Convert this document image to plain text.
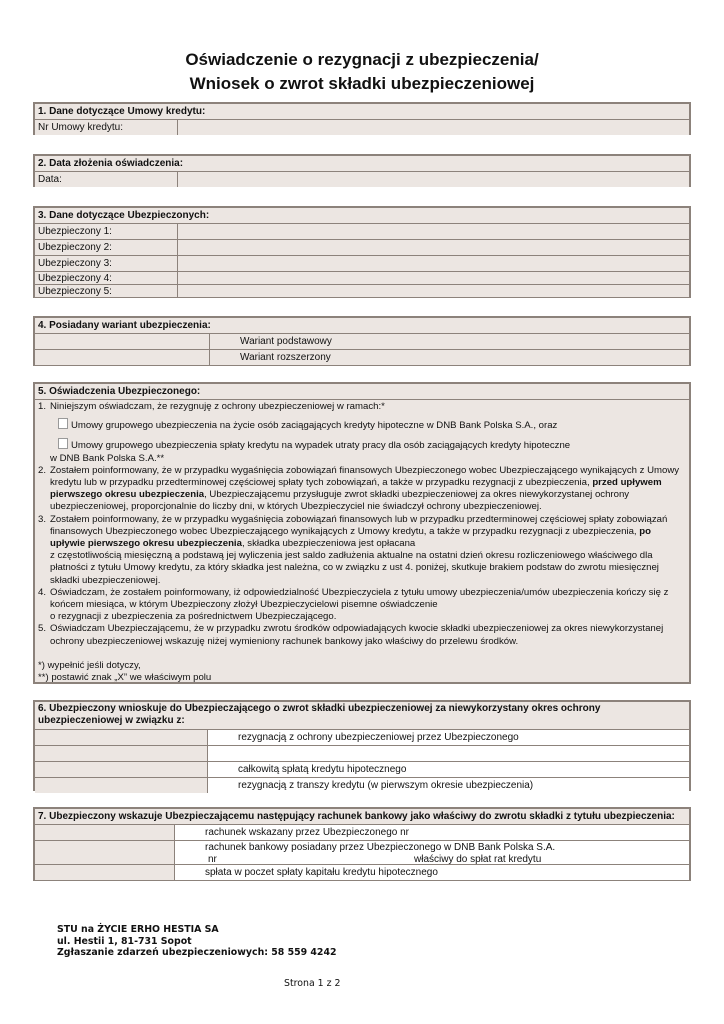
Oświadczenie o rezygnacji z ubezpieczenia/
Wniosek o zwrot składki ubezpieczeniowej
1. Dane dotyczące Umowy kredytu:
Nr Umowy kredytu:
2. Data złożenia oświadczenia:
Data:
3. Dane dotyczące Ubezpieczonych:
Ubezpieczony 1:
Ubezpieczony 2:
Ubezpieczony 3:
Ubezpieczony 4:
Ubezpieczony 5:
4. Posiadany wariant ubezpieczenia:
Wariant podstawowy
Wariant rozszerzony
5. Oświadczenia Ubezpieczonego:
1. Niniejszym oświadczam, że rezygnuję z ochrony ubezpieczeniowej w ramach:*
Umowy grupowego ubezpieczenia na życie osób zaciągających kredyty hipoteczne w DNB Bank Polska S.A., oraz
Umowy grupowego ubezpieczenia spłaty kredytu na wypadek utraty pracy dla osób zaciągających kredyty hipoteczne
w DNB Bank Polska S.A.**
2. Zostałem poinformowany, że w przypadku wygaśnięcia zobowiązań finansowych Ubezpieczonego wobec Ubezpieczającego wynikających z Umowy kredytu lub w przypadku przedterminowej częściowej spłaty tych zobowiązań, a także w przypadku rezygnacji z ubezpieczenia, przed upływem pierwszego okresu ubezpieczenia, Ubezpieczającemu przysługuje zwrot składki ubezpieczeniowej za okres niewykorzystanej ochrony ubezpieczeniowej, proporcjonalnie do liczby dni, w których Ubezpieczyciel nie świadczył ochrony ubezpieczeniowej.
3. Zostałem poinformowany, że w przypadku wygaśnięcia zobowiązań finansowych lub w przypadku przedterminowej częściowej spłaty zobowiązań finansowych Ubezpieczonego wobec Ubezpieczającego wynikających z Umowy kredytu, a także w przypadku rezygnacji z ubezpieczenia, po upływie pierwszego okresu ubezpieczenia, składka ubezpieczeniowa jest opłacana
z częstotliwością miesięczną a podstawą jej wyliczenia jest saldo zadłużenia aktualne na ostatni dzień okresu rozliczeniowego właściwego dla płatności z tytułu Umowy kredytu, za który składka jest należna, co w związku z ust 4. poniżej, skutkuje brakiem podstaw do zwrotu miesięcznej składki ubezpieczeniowej.
4. Oświadczam, że zostałem poinformowany, iż odpowiedzialność Ubezpieczyciela z tytułu umowy ubezpieczenia/umów ubezpieczenia kończy się z końcem miesiąca, w którym Ubezpieczony złożył Ubezpieczycielowi pisemne oświadczenie
o rezygnacji z ubezpieczenia za pośrednictwem Ubezpieczającego.
5. Oświadczam Ubezpieczającemu, że w przypadku zwrotu środków odpowiadających kwocie składki ubezpieczeniowej za okres niewykorzystanej ochrony ubezpieczeniowej wskazuję niżej wymieniony rachunek bankowy jako właściwy do przelewu środków.
*) wypełnić jeśli dotyczy,
**) postawić znak „X” we właściwym polu
6. Ubezpieczony wnioskuje do Ubezpieczającego o zwrot składki ubezpieczeniowej za niewykorzystany okres ochrony ubezpieczeniowej w związku z:
rezygnacją z ochrony ubezpieczeniowej przez Ubezpieczonego
całkowitą spłatą kredytu hipotecznego
rezygnacją z transzy kredytu (w pierwszym okresie ubezpieczenia)
7. Ubezpieczony wskazuje Ubezpieczającemu następujący rachunek bankowy jako właściwy do zwrotu składki z tytułu ubezpieczenia:
rachunek wskazany przez Ubezpieczonego nr
rachunek bankowy posiadany przez Ubezpieczonego w DNB Bank Polska S.A.
nr	właściwy do spłat rat kredytu
spłata w poczet spłaty kapitału kredytu hipotecznego
STU na ŻYCIE ERHO HESTIA SA
ul. Hestii 1, 81-731 Sopot
Zgłaszanie zdarzeń ubezpieczeniowych: 58 559 4242
Strona 1 z 2
